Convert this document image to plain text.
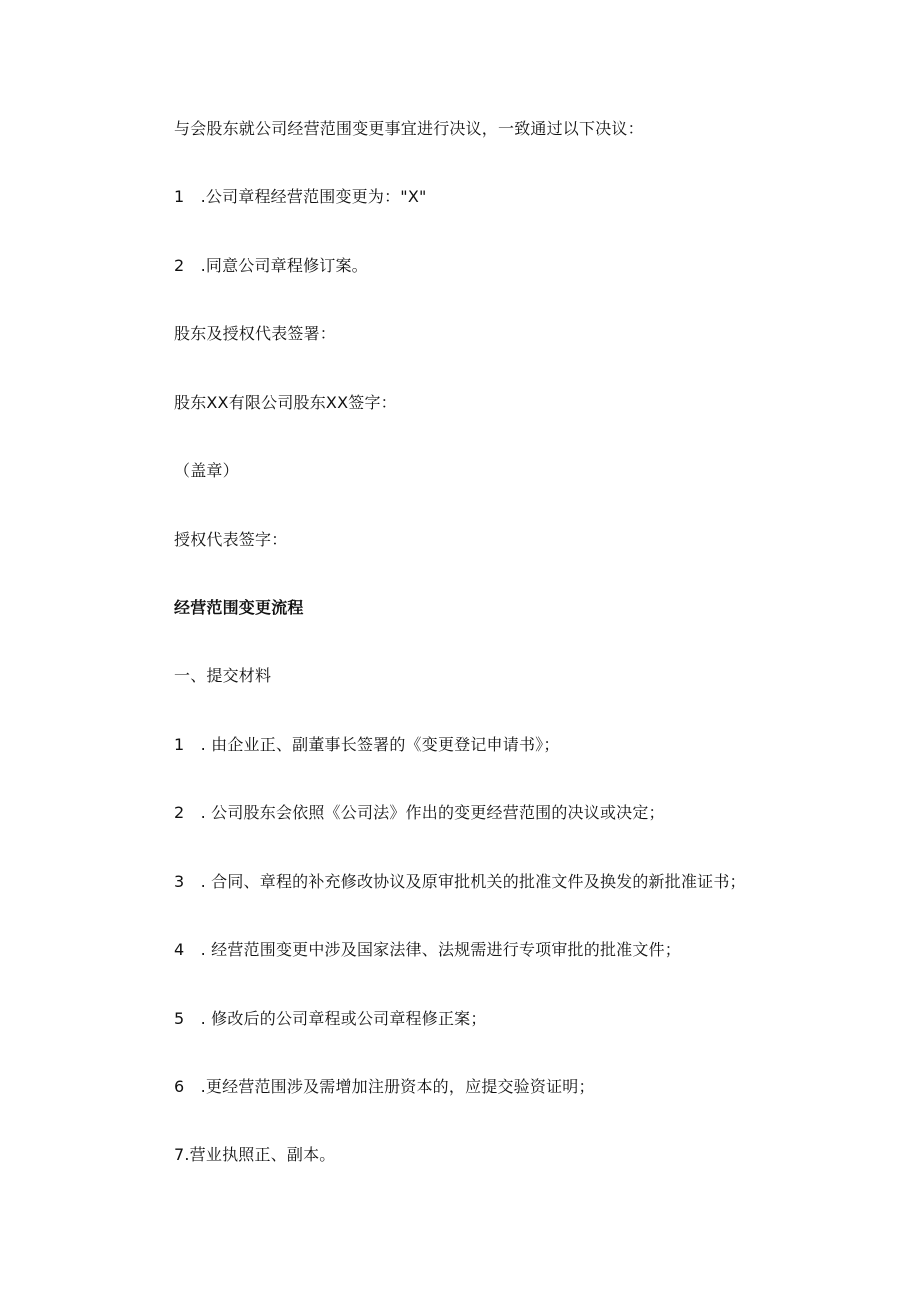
与会股东就公司经营范围变更事宜进行决议，一致通过以下决议：
1　.公司章程经营范围变更为："X"
2　.同意公司章程修订案。
股东及授权代表签署：
股东XX有限公司股东XX签字：
（盖章）
授权代表签字：
经营范围变更流程
一、提交材料
1　. 由企业正、副董事长签署的《变更登记申请书》；
2　. 公司股东会依照《公司法》作出的变更经营范围的决议或决定；
3　. 合同、章程的补充修改协议及原审批机关的批准文件及换发的新批准证书；
4　. 经营范围变更中涉及国家法律、法规需进行专项审批的批准文件；
5　. 修改后的公司章程或公司章程修正案；
6　.更经营范围涉及需增加注册资本的，应提交验资证明；
7.营业执照正、副本。
